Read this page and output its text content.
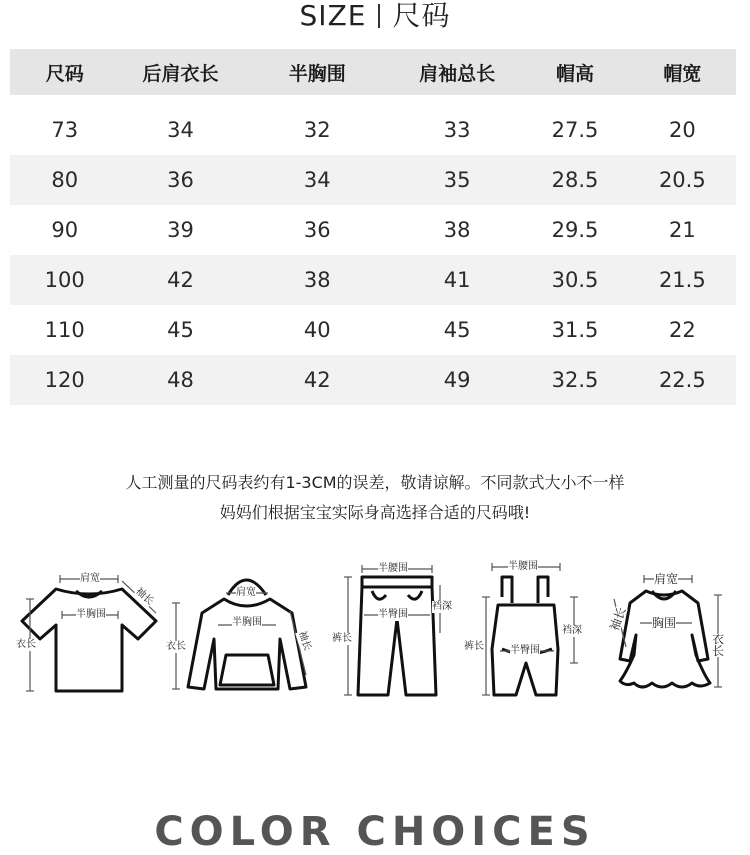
SIZE 尺码
尺码	后肩衣长	半胸围	肩袖总长	帽高	帽宽

73	34	32	33	27.5	20
80	36	34	35	28.5	20.5
90	39	36	38	29.5	21
100	42	38	41	30.5	21.5
110	45	40	45	31.5	22
120	48	42	49	32.5	22.5
人工测量的尺码表约有1-3CM的误差，敬请谅解。不同款式大小不一样
妈妈们根据宝宝实际身高选择合适的尺码哦!
肩宽
袖长
半胸围
衣长
肩宽
半胸围
衣长	袖长
半腰围
半臀围
裆深
裤长
半腰围
半臀围
裆深
裤长
肩宽
袖长 胸围
衣长
COLOR CHOICES
